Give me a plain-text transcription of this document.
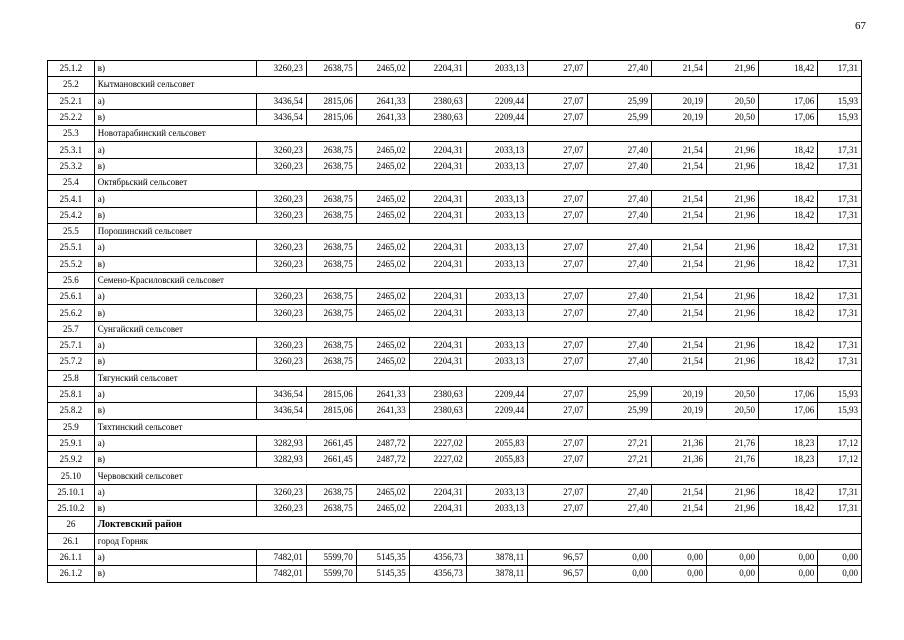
67
25.1.2	в)	3260,23	2638,75	2465,02	2204,31	2033,13	27,07	27,40	21,54	21,96	18,42	17,31
25.2	Кытмановский сельсовет											
25.2.1	а)	3436,54	2815,06	2641,33	2380,63	2209,44	27,07	25,99	20,19	20,50	17,06	15,93
25.2.2	в)	3436,54	2815,06	2641,33	2380,63	2209,44	27,07	25,99	20,19	20,50	17,06	15,93
25.3	Новотарабинский сельсовет											
25.3.1	а)	3260,23	2638,75	2465,02	2204,31	2033,13	27,07	27,40	21,54	21,96	18,42	17,31
25.3.2	в)	3260,23	2638,75	2465,02	2204,31	2033,13	27,07	27,40	21,54	21,96	18,42	17,31
25.4	Октябрьский сельсовет											
25.4.1	а)	3260,23	2638,75	2465,02	2204,31	2033,13	27,07	27,40	21,54	21,96	18,42	17,31
25.4.2	в)	3260,23	2638,75	2465,02	2204,31	2033,13	27,07	27,40	21,54	21,96	18,42	17,31
25.5	Порошинский сельсовет											
25.5.1	а)	3260,23	2638,75	2465,02	2204,31	2033,13	27,07	27,40	21,54	21,96	18,42	17,31
25.5.2	в)	3260,23	2638,75	2465,02	2204,31	2033,13	27,07	27,40	21,54	21,96	18,42	17,31
25.6	Семено-Красиловский сельсовет											
25.6.1	а)	3260,23	2638,75	2465,02	2204,31	2033,13	27,07	27,40	21,54	21,96	18,42	17,31
25.6.2	в)	3260,23	2638,75	2465,02	2204,31	2033,13	27,07	27,40	21,54	21,96	18,42	17,31
25.7	Сунгайский сельсовет											
25.7.1	а)	3260,23	2638,75	2465,02	2204,31	2033,13	27,07	27,40	21,54	21,96	18,42	17,31
25.7.2	в)	3260,23	2638,75	2465,02	2204,31	2033,13	27,07	27,40	21,54	21,96	18,42	17,31
25.8	Тягунский сельсовет											
25.8.1	а)	3436,54	2815,06	2641,33	2380,63	2209,44	27,07	25,99	20,19	20,50	17,06	15,93
25.8.2	в)	3436,54	2815,06	2641,33	2380,63	2209,44	27,07	25,99	20,19	20,50	17,06	15,93
25.9	Тяхтинский сельсовет											
25.9.1	а)	3282,93	2661,45	2487,72	2227,02	2055,83	27,07	27,21	21,36	21,76	18,23	17,12
25.9.2	в)	3282,93	2661,45	2487,72	2227,02	2055,83	27,07	27,21	21,36	21,76	18,23	17,12
25.10	Червовский сельсовет											
25.10.1	а)	3260,23	2638,75	2465,02	2204,31	2033,13	27,07	27,40	21,54	21,96	18,42	17,31
25.10.2	в)	3260,23	2638,75	2465,02	2204,31	2033,13	27,07	27,40	21,54	21,96	18,42	17,31
26	Локтевский район											
26.1	город Горняк											
26.1.1	а)	7482,01	5599,70	5145,35	4356,73	3878,11	96,57	0,00	0,00	0,00	0,00	0,00
26.1.2	в)	7482,01	5599,70	5145,35	4356,73	3878,11	96,57	0,00	0,00	0,00	0,00	0,00
